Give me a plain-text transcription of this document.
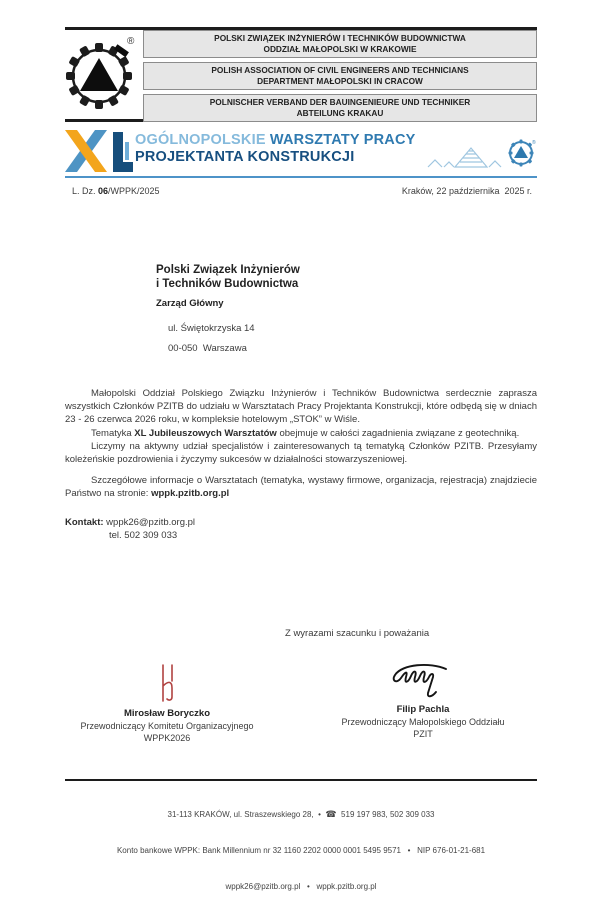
®	POLSKI ZWIĄZEK INŻYNIERÓW I TECHNIKÓW BUDOWNICTWA
ODDZIAŁ MAŁOPOLSKI W KRAKOWIE
POLISH ASSOCIATION OF CIVIL ENGINEERS AND TECHNICIANS
DEPARTMENT MAŁOPOLSKI IN CRACOW
POLNISCHER VERBAND DER BAUINGENIEURE UND TECHNIKER
ABTEILUNG KRAKAU
OGÓLNOPOLSKIE WARSZTATY PRACY
PROJEKTANTA KONSTRUKCJI
®
L. Dz. 06/WPPK/2025	Kraków, 22 października  2025 r.
Polski Związek Inżynierów
i Techników Budownictwa
Zarząd Główny
ul. Świętokrzyska 14
00-050  Warszawa

Małopolski Oddział Polskiego Związku Inżynierów i Techników Budownictwa serdecznie zaprasza wszystkich Członków PZITB do udziału w Warsztatach Pracy Projektanta Konstrukcji, które odbędą się w dniach 23 - 26 czerwca 2026 roku, w kompleksie hotelowym „STOK” w Wiśle.

Tematyka XL Jubileuszowych Warsztatów obejmuje w całości zagadnienia związane z geotechniką.

Liczymy na aktywny udział specjalistów i zainteresowanych tą tematyką Członków PZITB. Przesyłamy koleżeńskie pozdrowienia i życzymy sukcesów w działalności stowarzyszeniowej.

Szczegółowe informacje o Warsztatach (tematyka, wystawy firmowe, organizacja, rejestracja) znajdziecie Państwo na stronie: wppk.pzitb.org.pl

Kontakt: wppk26@pzitb.org.pl
tel. 502 309 033
Z wyrazami szacunku i poważania
Mirosław Boryczko
Przewodniczący Komitetu Organizacyjnego
WPPK2026
Filip Pachla
Przewodniczący Małopolskiego Oddziału
PZIT

31-113 KRAKÓW, ul. Straszewskiego 28,  •  ☎  519 197 983, 502 309 033

Konto bankowe WPPK: Bank Millennium nr 32 1160 2202 0000 0001 5495 9571   •   NIP 676-01-21-681

wppk26@pzitb.org.pl   •   wppk.pzitb.org.pl
